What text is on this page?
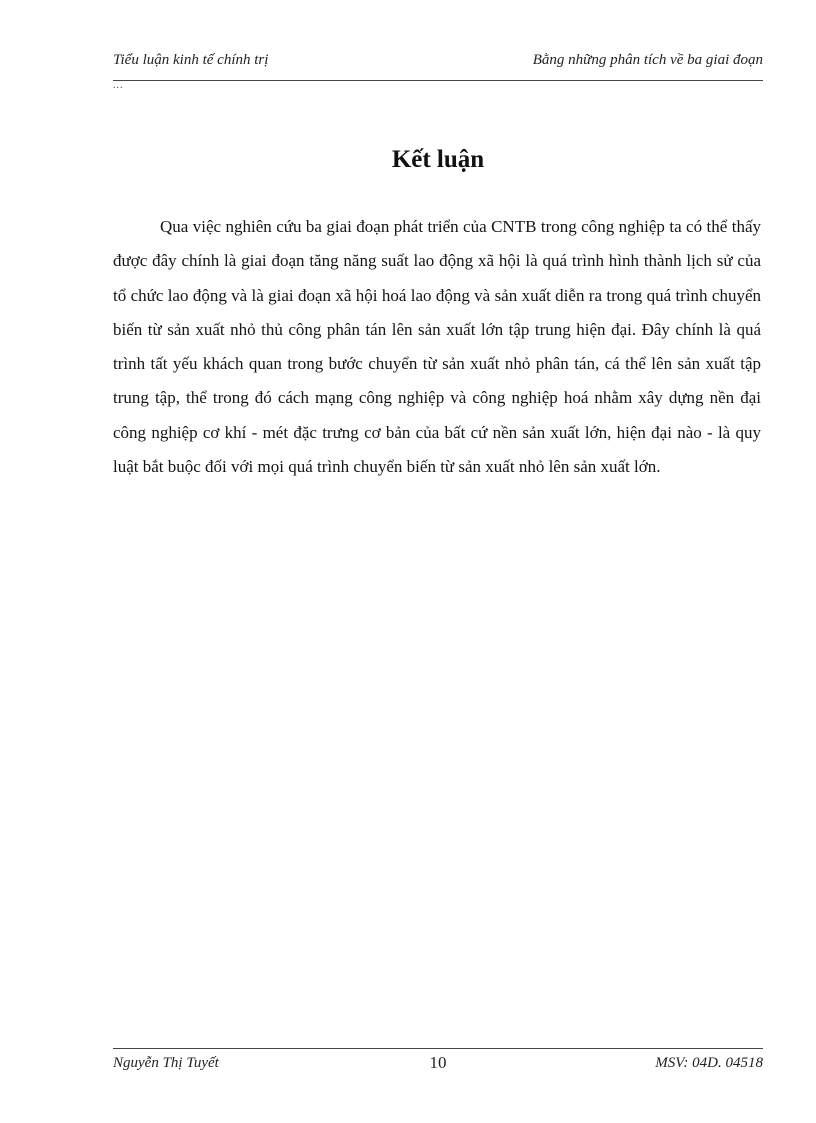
Tiểu luận kinh tế chính trị	Bằng những phân tích về ba giai đoạn
...
Kết luận

Qua việc nghiên cứu ba giai đoạn phát triển của CNTB trong công nghiệp ta có thể thấy được đây chính là giai đoạn tăng năng suất lao động xã hội là quá trình hình thành lịch sử của tổ chức lao động và là giai đoạn xã hội hoá lao động và sản xuất diễn ra trong quá trình chuyển biến từ sản xuất nhỏ thủ công phân tán lên sản xuất lớn tập trung hiện đại. Đây chính là quá trình tất yếu khách quan trong bước chuyển từ sản xuất nhỏ phân tán, cá thể lên sản xuất tập trung tập, thể trong đó cách mạng công nghiệp và công nghiệp hoá nhằm xây dựng nền đại công nghiệp cơ khí - mét đặc trưng cơ bản của bất cứ nền sản xuất lớn, hiện đại nào - là quy luật bắt buộc đối với mọi quá trình chuyển biến từ sản xuất nhỏ lên sản xuất lớn.

Nguyễn Thị Tuyết	10	MSV: 04D. 04518
